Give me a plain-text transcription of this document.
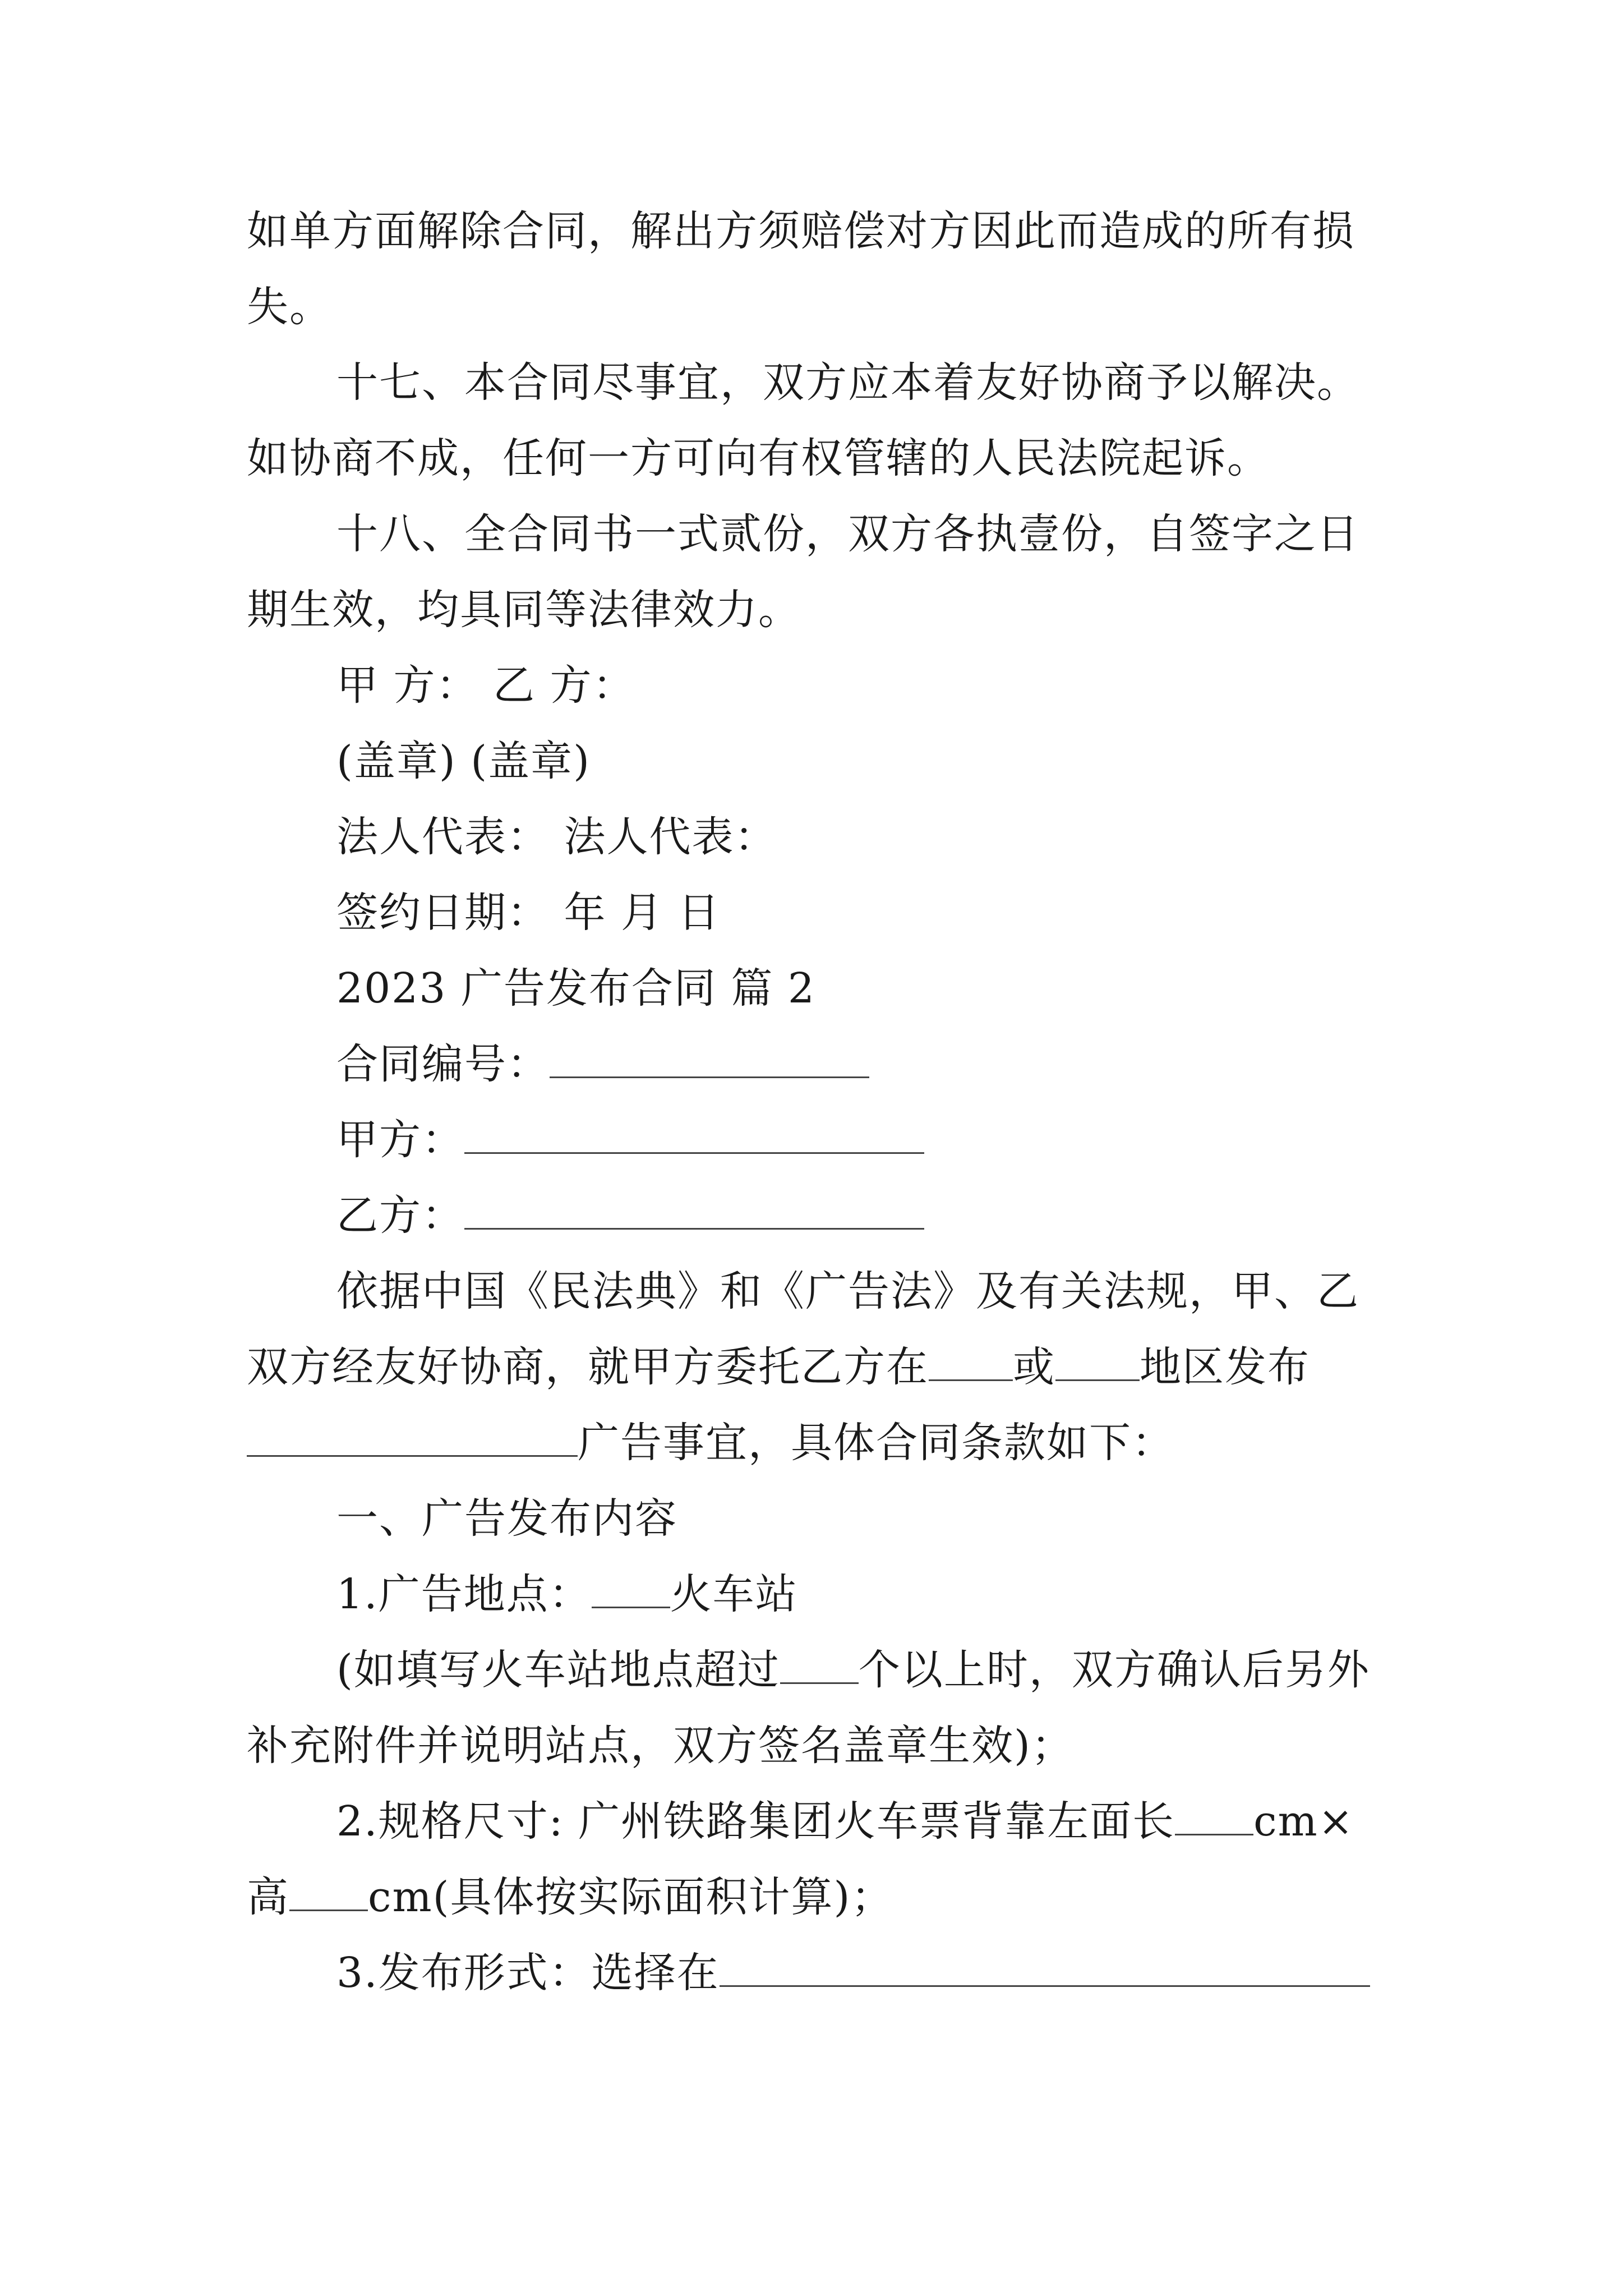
如单方面解除合同，解出方须赔偿对方因此而造成的所有损失。

十七、本合同尽事宜，双方应本着友好协商予以解决。如协商不成，任何一方可向有权管辖的人民法院起诉。

十八、全合同书一式贰份，双方各执壹份，自签字之日期生效，均具同等法律效力。

甲 方： 乙 方：

(盖章) (盖章)

法人代表： 法人代表：

签约日期： 年 月 日

2023 广告发布合同 篇 2

合同编号：

甲方：

乙方：

依据中国《民法典》和《广告法》及有关法规，甲、乙双方经友好协商，就甲方委托乙方在 或 地区发布广告事宜，具体合同条款如下：

一、广告发布内容

1.广告地点： 火车站

(如填写火车站地点超过 个以上时，双方确认后另外补充附件并说明站点，双方签名盖章生效)；

2.规格尺寸: 广州铁路集团火车票背靠左面长 cm×高 cm(具体按实际面积计算)；

3.发布形式：选择在
